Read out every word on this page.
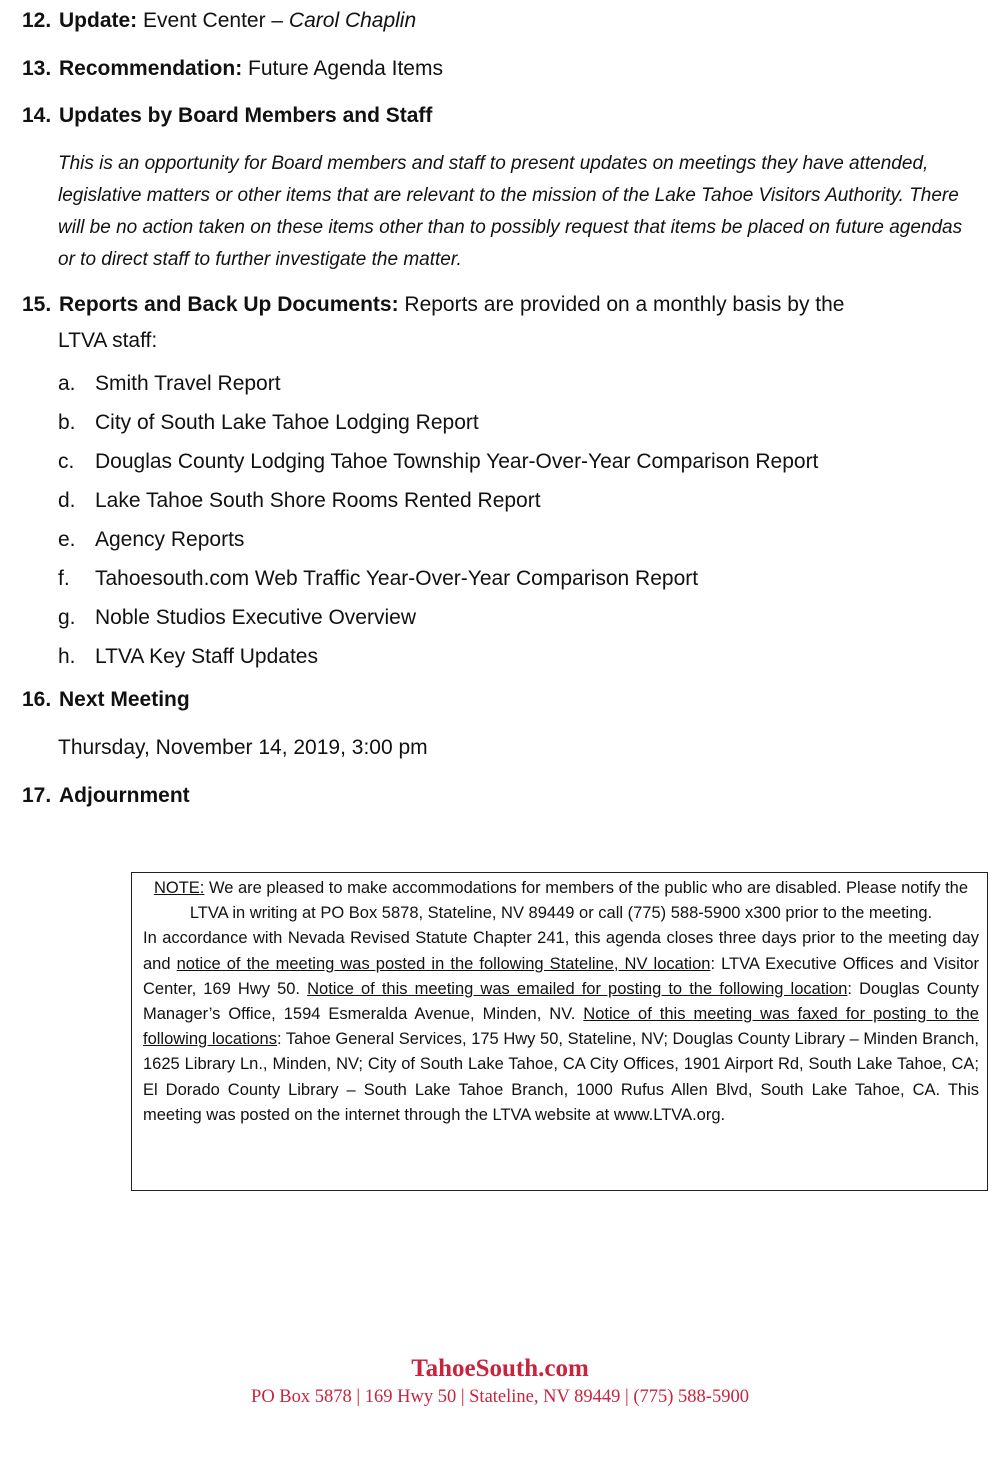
12. Update: Event Center – Carol Chaplin
13. Recommendation: Future Agenda Items
14. Updates by Board Members and Staff
This is an opportunity for Board members and staff to present updates on meetings they have attended, legislative matters or other items that are relevant to the mission of the Lake Tahoe Visitors Authority. There will be no action taken on these items other than to possibly request that items be placed on future agendas or to direct staff to further investigate the matter.
15. Reports and Back Up Documents: Reports are provided on a monthly basis by the
LTVA staff:
a. Smith Travel Report
b. City of South Lake Tahoe Lodging Report
c. Douglas County Lodging Tahoe Township Year-Over-Year Comparison Report
d. Lake Tahoe South Shore Rooms Rented Report
e. Agency Reports
f. Tahoesouth.com Web Traffic Year-Over-Year Comparison Report
g. Noble Studios Executive Overview
h. LTVA Key Staff Updates
16. Next Meeting
Thursday, November 14, 2019, 3:00 pm
17. Adjournment

NOTE: We are pleased to make accommodations for members of the public who are disabled. Please notify the LTVA in writing at PO Box 5878, Stateline, NV 89449 or call (775) 588-5900 x300 prior to the meeting.

In accordance with Nevada Revised Statute Chapter 241, this agenda closes three days prior to the meeting day and notice of the meeting was posted in the following Stateline, NV location: LTVA Executive Offices and Visitor Center, 169 Hwy 50. Notice of this meeting was emailed for posting to the following location: Douglas County Manager’s Office, 1594 Esmeralda Avenue, Minden, NV. Notice of this meeting was faxed for posting to the following locations: Tahoe General Services, 175 Hwy 50, Stateline, NV; Douglas County Library – Minden Branch, 1625 Library Ln., Minden, NV; City of South Lake Tahoe, CA City Offices, 1901 Airport Rd, South Lake Tahoe, CA; El Dorado County Library – South Lake Tahoe Branch, 1000 Rufus Allen Blvd, South Lake Tahoe, CA. This meeting was posted on the internet through the LTVA website at www.LTVA.org.

TahoeSouth.com
PO Box 5878 | 169 Hwy 50 | Stateline, NV 89449 | (775) 588-5900
